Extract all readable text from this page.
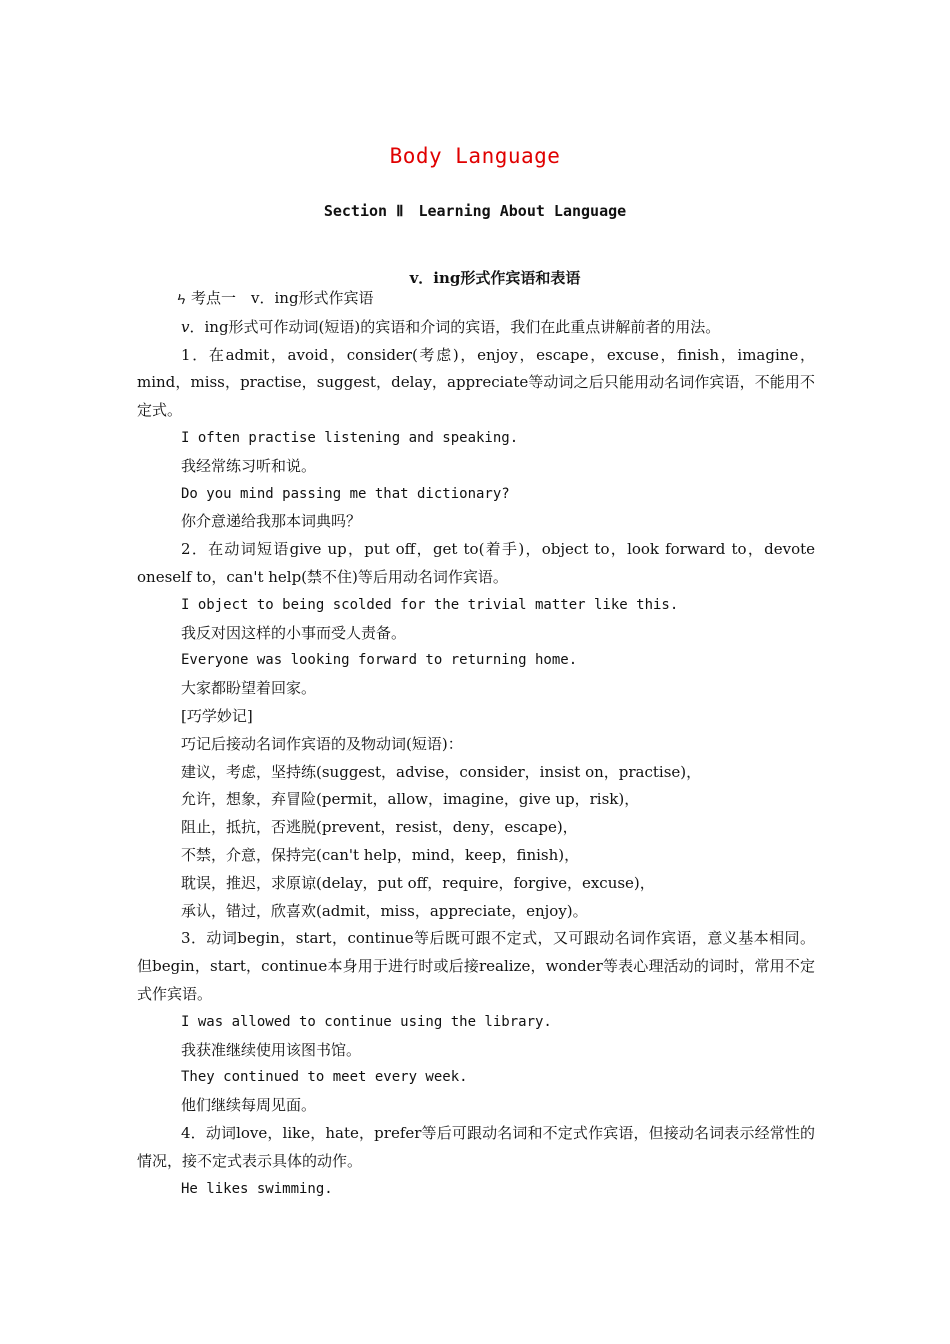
Body Language
Section Ⅱ　Learning About Language
v．ing形式作宾语和表语

ㄣ 考点一　v．ing形式作宾语

v．ing形式可作动词(短语)的宾语和介词的宾语，我们在此重点讲解前者的用法。

1．在admit，avoid，consider(考虑)，enjoy，escape，excuse，finish，imagine，mind，miss，practise，suggest，delay，appreciate等动词之后只能用动名词作宾语，不能用不定式。

I often practise listening and speaking.

我经常练习听和说。

Do you mind passing me that dictionary?

你介意递给我那本词典吗？

2．在动词短语give up，put off，get to(着手)，object to，look forward to，devote oneself to，can't help(禁不住)等后用动名词作宾语。

I object to being scolded for the trivial matter like this.

我反对因这样的小事而受人责备。

Everyone was looking forward to returning home.

大家都盼望着回家。

[巧学妙记]

巧记后接动名词作宾语的及物动词(短语)：

建议，考虑，坚持练(suggest，advise，consider，insist on，practise)，

允许，想象，弃冒险(permit，allow，imagine，give up，risk)，

阻止，抵抗，否逃脱(prevent，resist，deny，escape)，

不禁，介意，保持完(can't help，mind，keep，finish)，

耽误，推迟，求原谅(delay，put off，require，forgive，excuse)，

承认，错过，欣喜欢(admit，miss，appreciate，enjoy)。

3．动词begin，start，continue等后既可跟不定式，又可跟动名词作宾语，意义基本相同。但begin，start，continue本身用于进行时或后接realize，wonder等表心理活动的词时，常用不定式作宾语。

I was allowed to continue using the library.

我获准继续使用该图书馆。

They continued to meet every week.

他们继续每周见面。

4．动词love，like，hate，prefer等后可跟动名词和不定式作宾语，但接动名词表示经常性的情况，接不定式表示具体的动作。

He likes swimming.
